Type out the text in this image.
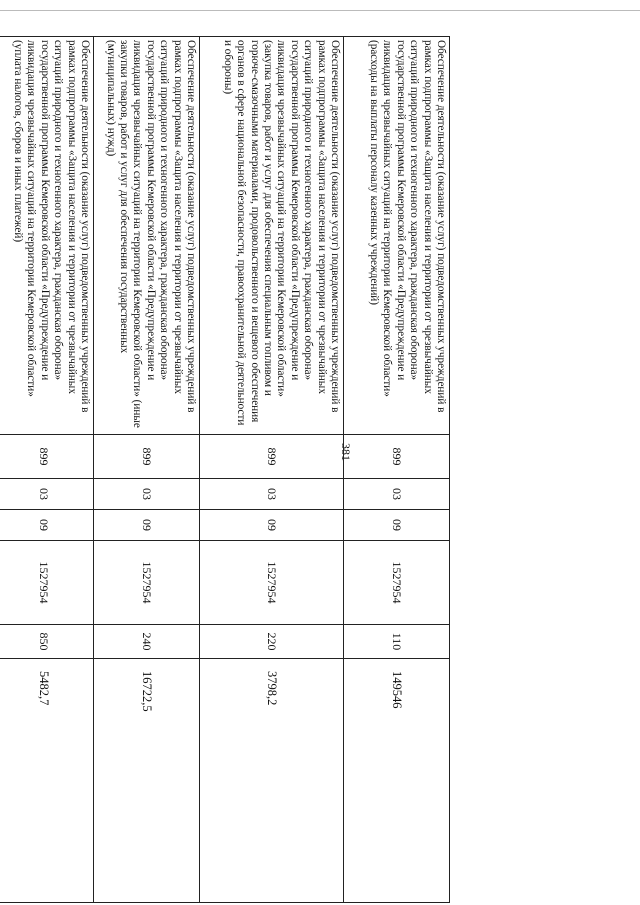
381
Обеспечение деятельности (оказание услуг) подведомственных учреждений в рамках подпрограммы «Защита населения и территории от чрезвычайных ситуаций природного и техногенного характера, гражданская оборона» государственной программы Кемеровской области «Предупреждение и ликвидация чрезвычайных ситуаций на территории Кемеровской области» (расходы на выплаты персоналу казенных учреждений)	899	03	09	1527954	110	149546
Обеспечение деятельности (оказание услуг) подведомственных учреждений в рамках подпрограммы «Защита населения и территории от чрезвычайных ситуаций природного и техногенного характера, гражданская оборона» государственной программы Кемеровской области «Предупреждение и ликвидация чрезвычайных ситуаций на территории Кемеровской области» (закупка товаров, работ и услуг для обеспечения специальным топливом и горюче-смазочными материалами, продовольственного и вещевого обеспечения органов в сфере национальной безопасности, правоохранительной деятельности и обороны)	899	03	09	1527954	220	3798,2
Обеспечение деятельности (оказание услуг) подведомственных учреждений в рамках подпрограммы «Защита населения и территории от чрезвычайных ситуаций природного и техногенного характера, гражданская оборона» государственной программы Кемеровской области «Предупреждение и ликвидация чрезвычайных ситуаций на территории Кемеровской области» (иные закупки товаров, работ и услуг для обеспечения государственных (муниципальных) нужд)	899	03	09	1527954	240	16722,5
Обеспечение деятельности (оказание услуг) подведомственных учреждений в рамках подпрограммы «Защита населения и территории от чрезвычайных ситуаций природного и техногенного характера, гражданская оборона» государственной программы Кемеровской области «Предупреждение и ликвидация чрезвычайных ситуаций на территории Кемеровской области» (уплата налогов, сборов и иных платежей)	899	03	09	1527954	850	5482,7
